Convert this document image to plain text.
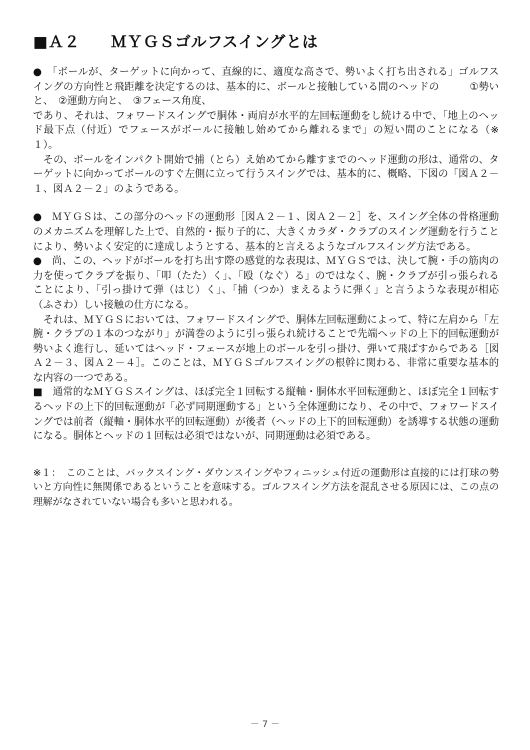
■Ａ２ ＭＹＧＳゴルフスイングとは

●　「ボールが、ターゲットに向かって、直線的に、適度な高さで、勢いよく打ち出される」ゴルフスイングの方向性と飛距離を決定するのは、基本的に、ボールと接触している間のヘッドの　　　①勢いと、　②運動方向と、　③フェース角度、

であり、それは、フォワードスイングで胴体・両肩が水平的左回転運動をし続ける中で、「地上のヘッド最下点（付近）でフェースがボールに接触し始めてから離れるまで」の短い間のことになる（※１）。

　その、ボールをインパクト開始で捕（とら）え始めてから離すまでのヘッド運動の形は、通常の、ターゲットに向かってボールのすぐ左側に立って行うスイングでは、基本的に、概略、下図の「図Ａ２－１、図Ａ２－２」のようである。

●　ＭＹＧＳは、この部分のヘッドの運動形［図Ａ２－１、図Ａ２－２］を、スイング全体の骨格運動のメカニズムを理解した上で、自然的・振り子的に、大きくカラダ・クラブのスイング運動を行うことにより、勢いよく安定的に達成しようとする、基本的と言えるようなゴルフスイング方法である。

●　尚、この、ヘッドがボールを打ち出す際の感覚的な表現は、ＭＹＧＳでは、決して腕・手の筋肉の力を使ってクラブを振り、「叩（たた）く」、「殴（なぐ）る」のではなく、腕・クラブが引っ張られることにより、「引っ掛けて弾（はじ）く」、「捕（つか）まえるように弾く」と言うような表現が相応（ふさわ）しい接触の仕方になる。

　それは、ＭＹＧＳにおいては、フォワードスイングで、胴体左回転運動によって、特に左肩から「左腕・クラブの１本のつながり」が満巻のように引っ張られ続けることで先端ヘッドの上下的回転運動が勢いよく進行し、延いてはヘッド・フェースが地上のボールを引っ掛け、弾いて飛ばすからである［図Ａ２－３、図Ａ２－４］。このことは、ＭＹＧＳゴルフスイングの根幹に関わる、非常に重要な基本的な内容の一つである。

■　通常的なＭＹＧＳスイングは、ほぼ完全１回転する縦軸・胴体水平回転運動と、ほぼ完全１回転するヘッドの上下的回転運動が「必ず同期運動する」という全体運動になり、その中で、フォワードスイングでは前者（縦軸・胴体水平的回転運動）が後者（ヘッドの上下的回転運動）を誘導する状態の運動になる。胴体とヘッドの１回転は必須ではないが、同期運動は必須である。

※１：　このことは、バックスイング・ダウンスイングやフィニッシュ付近の運動形は直接的には打球の勢いと方向性に無関係であるということを意味する。ゴルフスイング方法を混乱させる原因には、この点の理解がなされていない場合も多いと思われる。

－ 7 －
